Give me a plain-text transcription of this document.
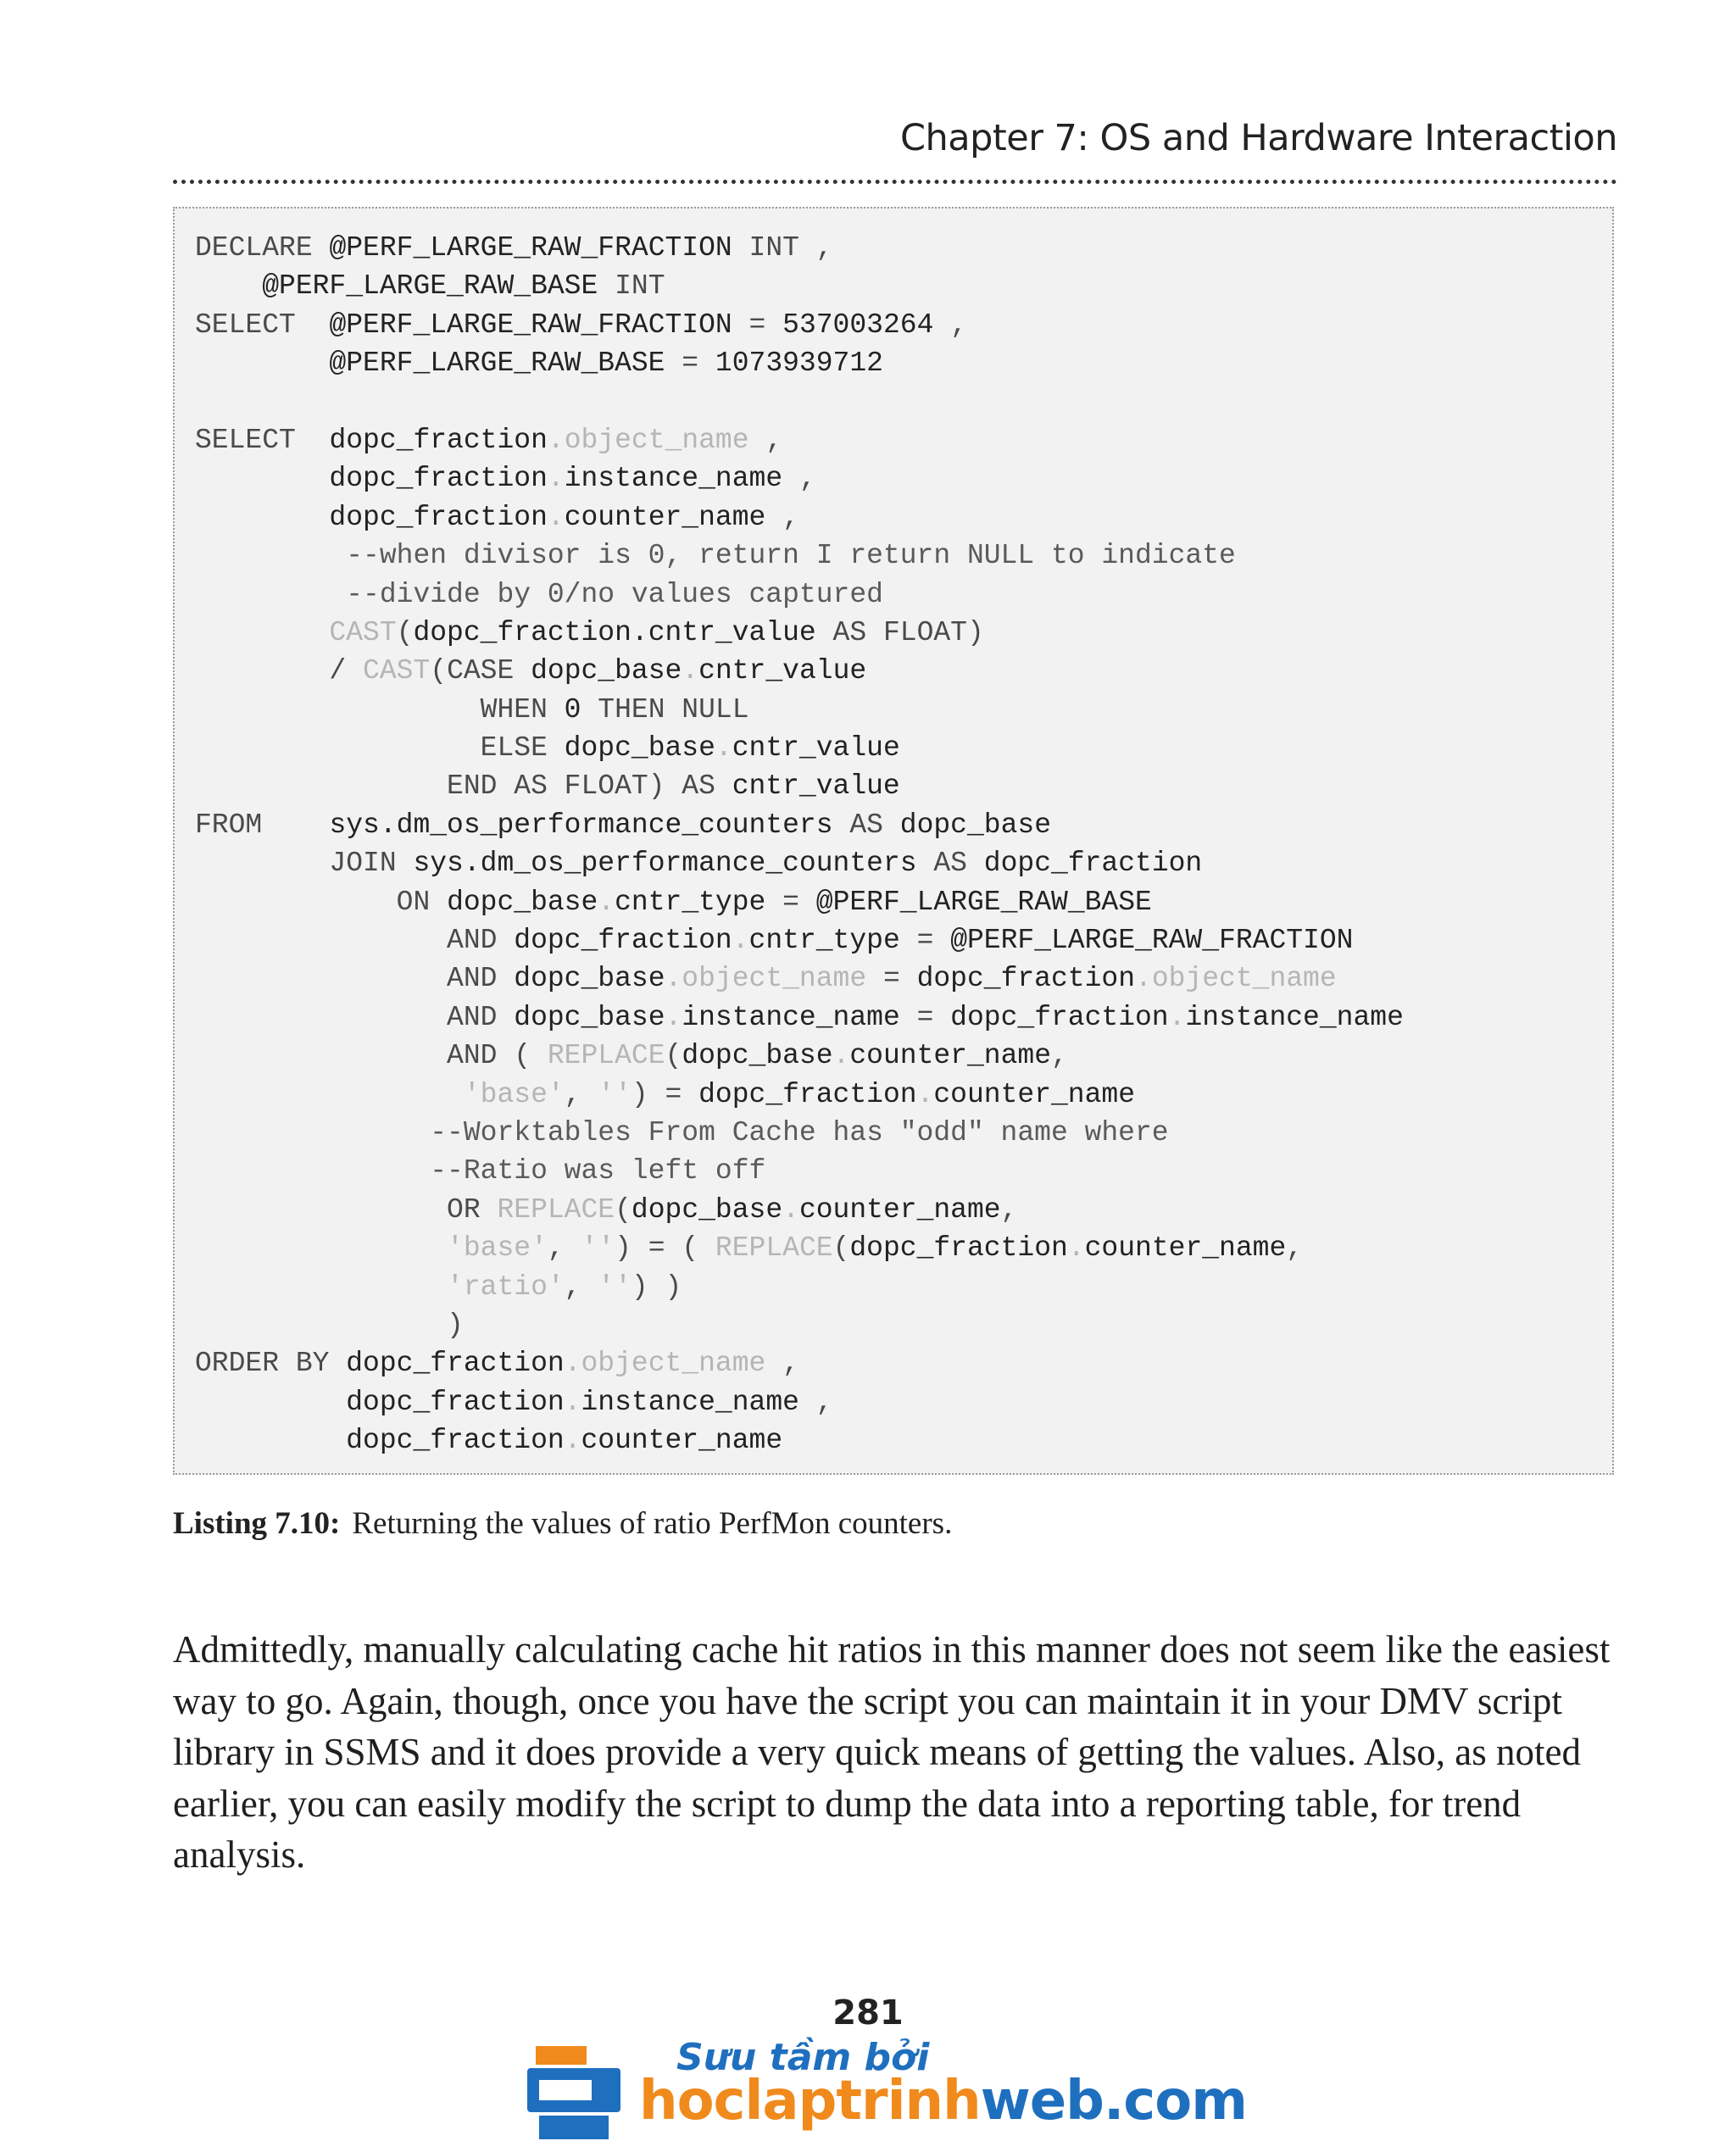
Chapter 7: OS and Hardware Interaction
DECLARE @PERF_LARGE_RAW_FRACTION INT ,
@PERF_LARGE_RAW_BASE INT
SELECT  @PERF_LARGE_RAW_FRACTION = 537003264 ,
@PERF_LARGE_RAW_BASE = 1073939712
SELECT  dopc_fraction.object_name ,
dopc_fraction.instance_name ,
dopc_fraction.counter_name ,
--when divisor is 0, return I return NULL to indicate
--divide by 0/no values captured
CAST(dopc_fraction.cntr_value AS FLOAT)
/ CAST(CASE dopc_base.cntr_value
WHEN 0 THEN NULL
ELSE dopc_base.cntr_value
END AS FLOAT) AS cntr_value
FROM    sys.dm_os_performance_counters AS dopc_base
JOIN sys.dm_os_performance_counters AS dopc_fraction
ON dopc_base.cntr_type = @PERF_LARGE_RAW_BASE
AND dopc_fraction.cntr_type = @PERF_LARGE_RAW_FRACTION
AND dopc_base.object_name = dopc_fraction.object_name
AND dopc_base.instance_name = dopc_fraction.instance_name
AND ( REPLACE(dopc_base.counter_name,
'base', '') = dopc_fraction.counter_name
--Worktables From Cache has "odd" name where
--Ratio was left off
OR REPLACE(dopc_base.counter_name,
'base', '') = ( REPLACE(dopc_fraction.counter_name,
'ratio', '') )
)
ORDER BY dopc_fraction.object_name ,
dopc_fraction.instance_name ,
dopc_fraction.counter_name
Listing 7.10: Returning the values of ratio PerfMon counters.

Admittedly, manually calculating cache hit ratios in this manner does not seem like the easiest way to go. Again, though, once you have the script you can maintain it in your DMV script library in SSMS and it does provide a very quick means of getting the values. Also, as noted earlier, you can easily modify the script to dump the data into a reporting table, for trend analysis.

281
Sưu tầm bởi
hoclaptrinhweb.com
